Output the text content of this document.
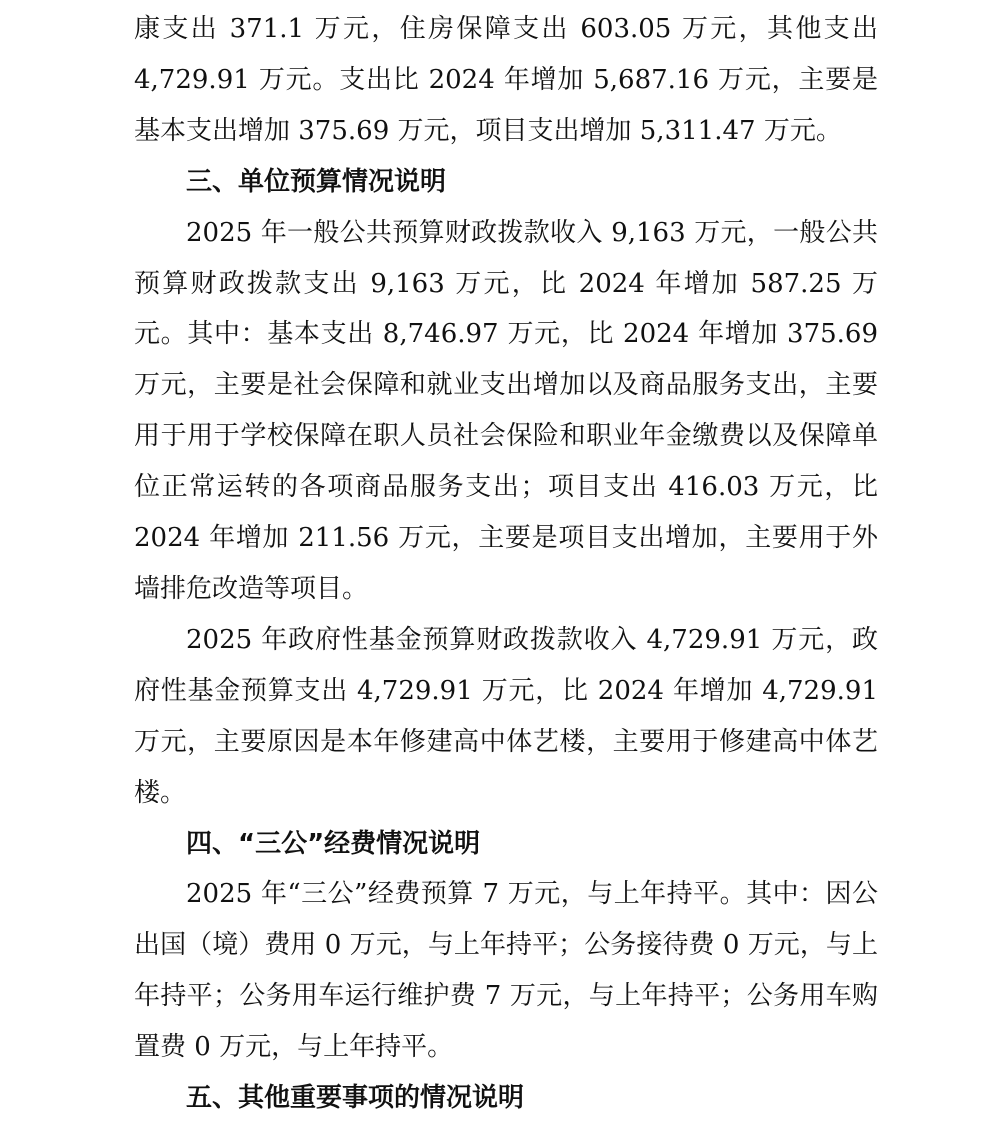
康支出 371.1 万元，住房保障支出 603.05 万元，其他支出 4,729.91 万元。支出比 2024 年增加 5,687.16 万元，主要是基本支出增加 375.69 万元，项目支出增加 5,311.47 万元。

三、单位预算情况说明

2025 年一般公共预算财政拨款收入 9,163 万元，一般公共预算财政拨款支出 9,163 万元，比 2024 年增加 587.25 万元。其中：基本支出 8,746.97 万元，比 2024 年增加 375.69 万元，主要是社会保障和就业支出增加以及商品服务支出，主要用于用于学校保障在职人员社会保险和职业年金缴费以及保障单位正常运转的各项商品服务支出；项目支出 416.03 万元，比 2024 年增加 211.56 万元，主要是项目支出增加，主要用于外墙排危改造等项目。

2025 年政府性基金预算财政拨款收入 4,729.91 万元，政府性基金预算支出 4,729.91 万元，比 2024 年增加 4,729.91 万元，主要原因是本年修建高中体艺楼，主要用于修建高中体艺楼。

四、“三公”经费情况说明

2025 年“三公”经费预算 7 万元，与上年持平。其中：因公出国（境）费用 0 万元，与上年持平；公务接待费 0 万元，与上年持平；公务用车运行维护费 7 万元，与上年持平；公务用车购置费 0 万元，与上年持平。

五、其他重要事项的情况说明
